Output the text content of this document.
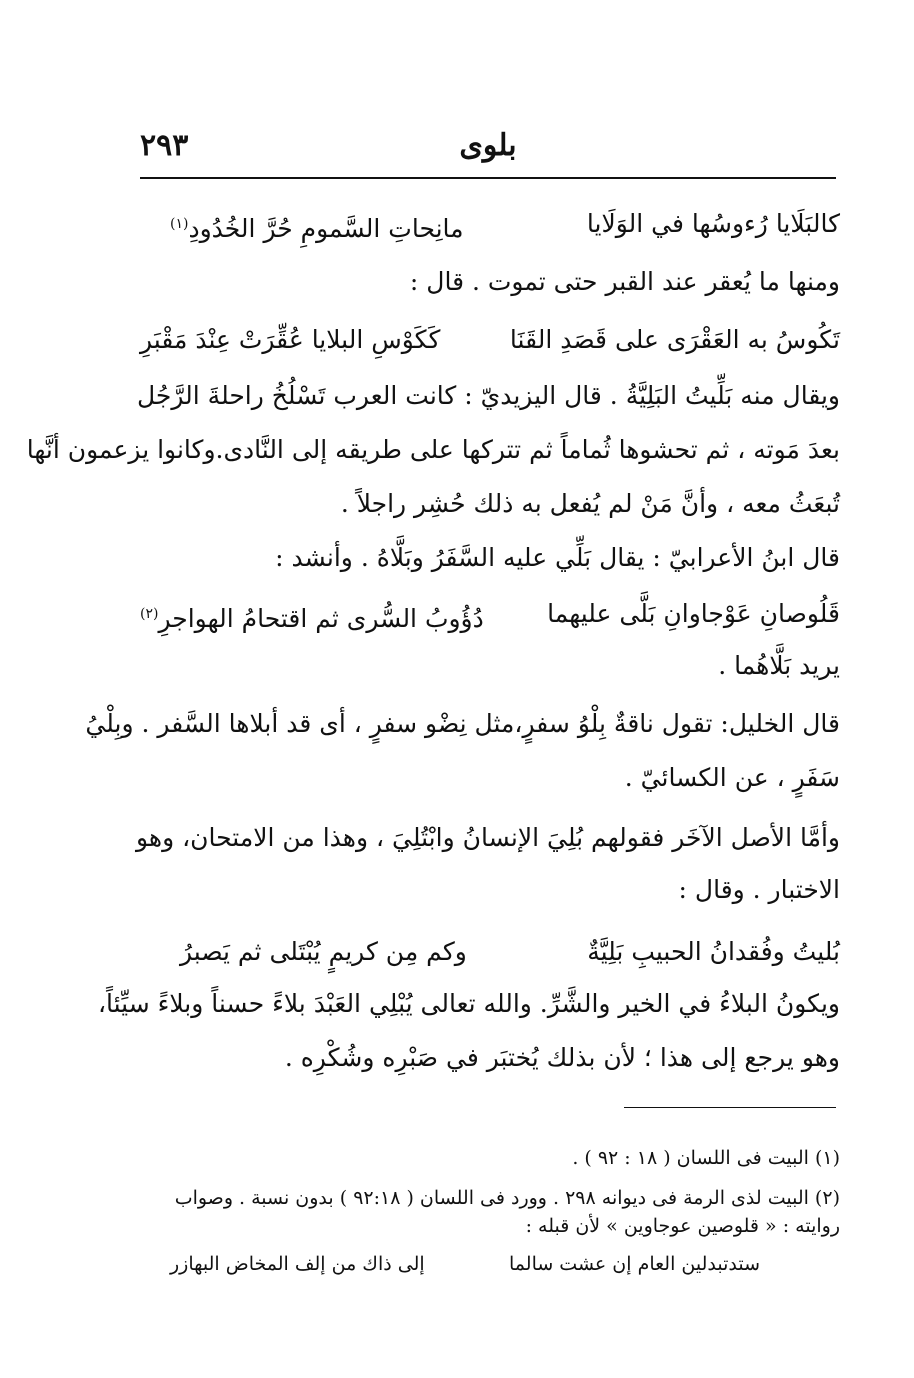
٢٩٣	بلوى
كالبَلَايا رُءوسُها في الوَلَايا
مانِحاتِ السَّمومِ حُرَّ الخُدُودِ$^{(١)}$
ومنها ما يُعقر عند القبر حتى تموت . قال :
تَكُوسُ به العَقْرَى على قَصَدِ القَنَا
كَكَوْسِ البلايا عُقِّرَتْ عِنْدَ مَقْبَرِ
ويقال منه بَلِّيتُ البَلِيَّةُ . قال اليزيديّ : كانت العرب تَسْلُخُ راحلةَ الرَّجُل
بعدَ مَوته ، ثم تحشوها ثُماماً ثم تتركها على طريقه إلى النَّادى.وكانوا يزعمون أنَّها
تُبعَثُ معه ، وأنَّ مَنْ لم يُفعل به ذلك حُشِر راجلاً .
قال ابنُ الأعرابيّ : يقال بَلِّي عليه السَّفَرُ وبَلَّاهُ . وأنشد :
قَلُوصانِ عَوْجاوانِ بَلَّى عليهما
دُؤُوبُ السُّرى ثم اقتحامُ الهواجرِ$^{(٢)}$
يريد بَلَّاهُما .
قال الخليل: تقول ناقةٌ بِلْوُ سفرٍ،مثل نِضْو سفرٍ ، أى قد أبلاها السَّفر . وبِلْيُ
سَفَرٍ ، عن الكسائيّ .
وأمَّا الأصل الآخَر فقولهم بُلِيَ الإنسانُ وابْتُلِيَ ، وهذا من الامتحان، وهو
الاختبار . وقال :
بُليتُ وفُقدانُ الحبيبِ بَلِيَّةٌ
وكم مِن كريمٍ يُبْتَلى ثم يَصبرُ
ويكونُ البلاءُ في الخير والشَّرِّ. والله تعالى يُبْلِي العَبْدَ بلاءً حسناً وبلاءً سيِّئاً،
وهو يرجع إلى هذا ؛ لأن بذلك يُختبَر في صَبْرِه وشُكْرِه .
(١) البيت فى اللسان ( ١٨ : ٩٢ ) .
(٢) البيت لذى الرمة فى ديوانه ٢٩٨ . وورد فى اللسان ( ٩٢:١٨ ) بدون نسبة . وصواب
روايته : « قلوصين عوجاوين » لأن قبله :
ستدتبدلين العام إن عشت سالما
إلى ذاك من إلف المخاض البهازر
